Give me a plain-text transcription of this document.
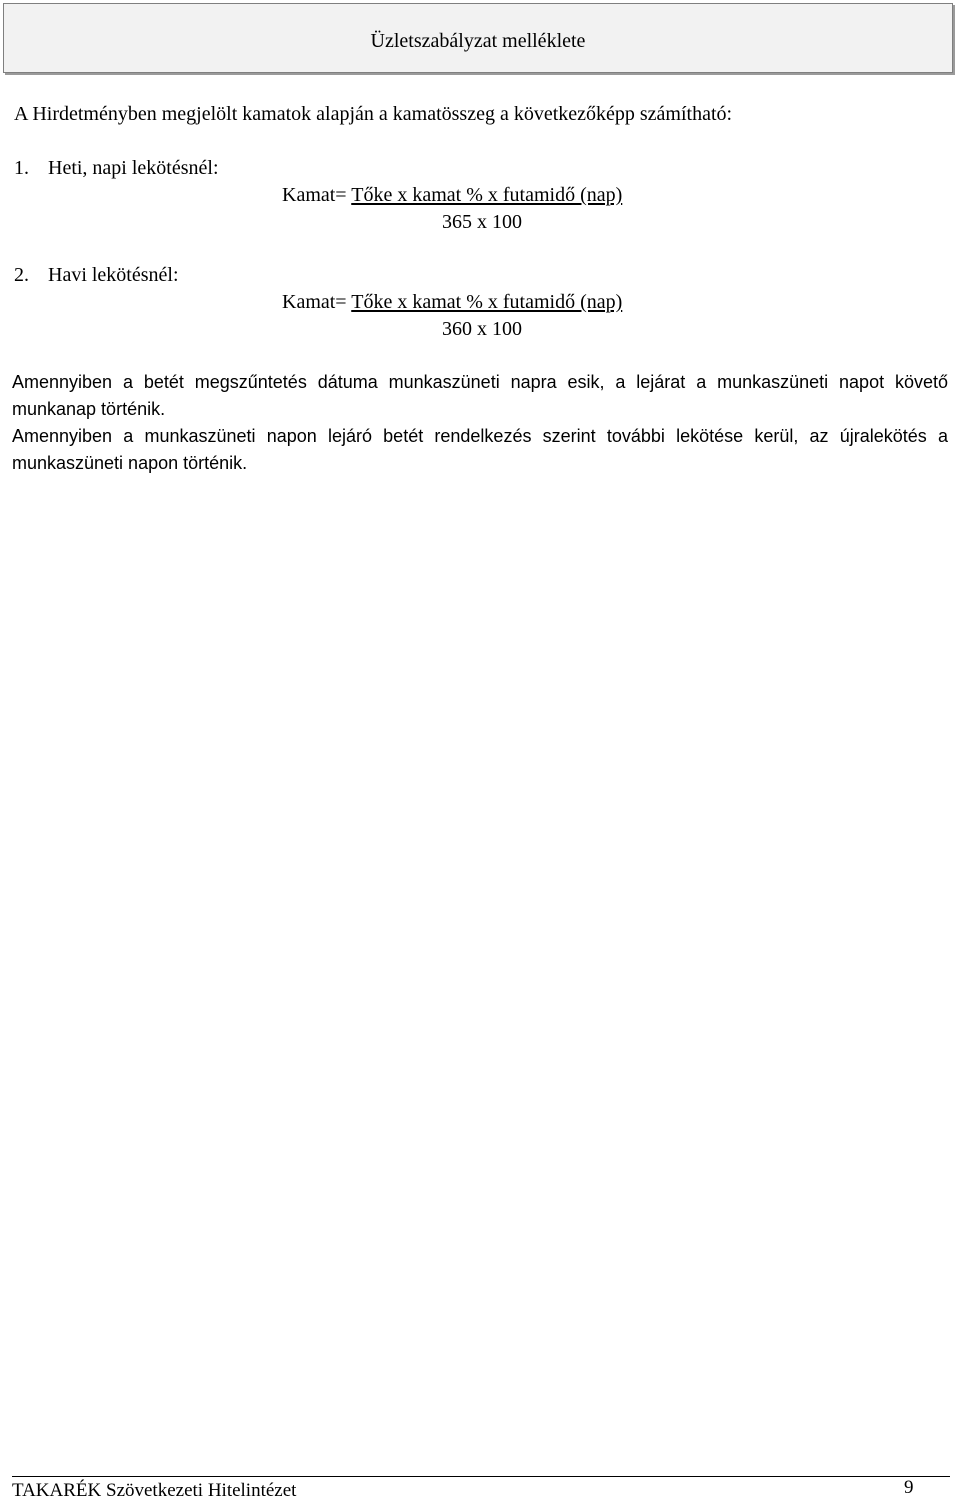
Üzletszabályzat melléklete
A Hirdetményben megjelölt kamatok alapján a kamatösszeg a következőképp számítható:
1. Heti, napi lekötésnél:
Kamat= Tőke x kamat % x futamidő (nap)
365 x 100
2. Havi lekötésnél:
Kamat= Tőke x kamat % x futamidő (nap)
360 x 100
Amennyiben a betét megszűntetés dátuma munkaszüneti napra esik, a lejárat a munkaszüneti napot követő munkanap történik.
Amennyiben a munkaszüneti napon lejáró betét rendelkezés szerint további lekötése kerül, az újralekötés a munkaszüneti napon történik.
TAKARÉK Szövetkezeti Hitelintézet	9
